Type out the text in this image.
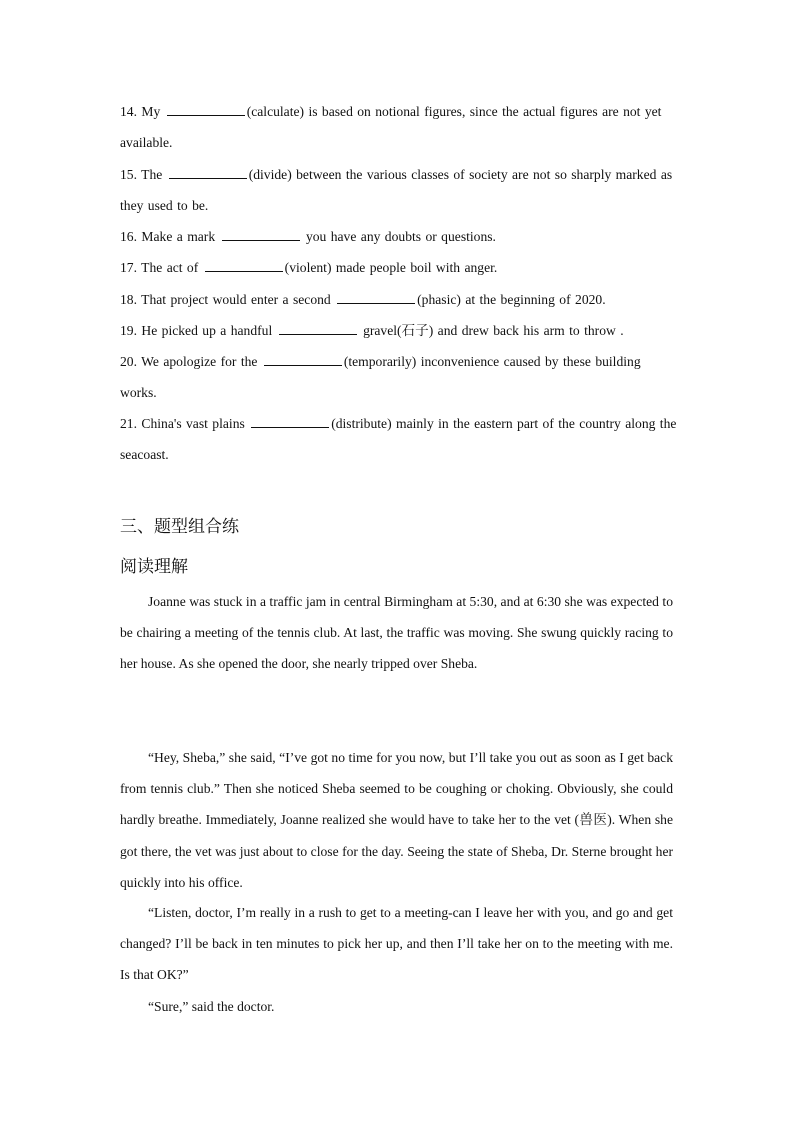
14. My	(calculate) is based on notional figures, since the actual figures are not yet available.

15. The	(divide) between the various classes of society are not so sharply marked as they used to be.

16. Make a mark	you have any doubts or questions.

17. The act of	(violent) made people boil with anger.

18. That project would enter a second	(phasic) at the beginning of 2020.

19. He picked up a handful	gravel(石子) and drew back his arm to throw .

20. We apologize for the	(temporarily) inconvenience caused by these building works.

21. China's vast plains	(distribute) mainly in the eastern part of the country along the seacoast.

三、题型组合练
阅读理解

Joanne was stuck in a traffic jam in central Birmingham at 5:30, and at 6:30 she was expected to be chairing a meeting of the tennis club. At last, the traffic was moving. She swung quickly racing to her house. As she opened the door, she nearly tripped over Sheba.

“Hey, Sheba,” she said, “I’ve got no time for you now, but I’ll take you out as soon as I get back from tennis club.” Then she noticed Sheba seemed to be coughing or choking. Obviously, she could hardly breathe. Immediately, Joanne realized she would have to take her to the vet (兽医). When she got there, the vet was just about to close for the day. Seeing the state of Sheba, Dr. Sterne brought her quickly into his office.

“Listen, doctor, I’m really in a rush to get to a meeting-can I leave her with you, and go and get changed? I’ll be back in ten minutes to pick her up, and then I’ll take her on to the meeting with me. Is that OK?”

“Sure,” said the doctor.
